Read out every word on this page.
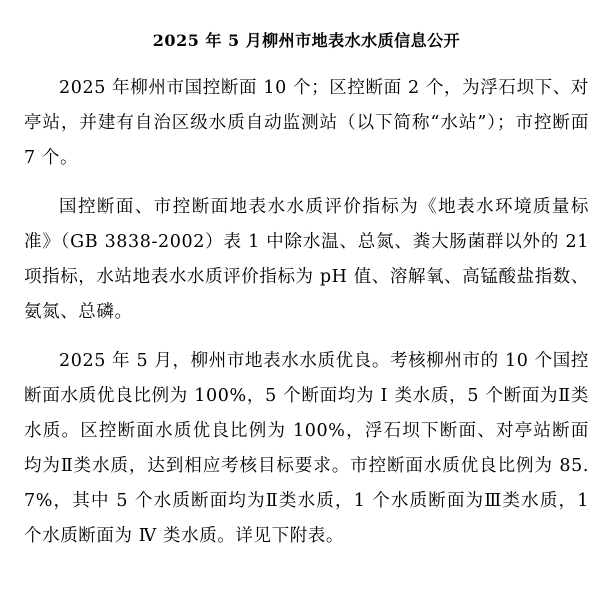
2025 年 5 月柳州市地表水水质信息公开

2025 年柳州市国控断面 10 个；区控断面 2 个，为浮石坝下、对亭站，并建有自治区级水质自动监测站（以下简称“水站”）；市控断面 7 个。

国控断面、市控断面地表水水质评价指标为《地表水环境质量标准》（GB 3838-2002）表 1 中除水温、总氮、粪大肠菌群以外的 21 项指标，水站地表水水质评价指标为 pH 值、溶解氧、高锰酸盐指数、氨氮、总磷。

2025 年 5 月，柳州市地表水水质优良。考核柳州市的 10 个国控断面水质优良比例为 100%，5 个断面均为 Ⅰ 类水质，5 个断面为Ⅱ类水质。区控断面水质优良比例为 100%，浮石坝下断面、对亭站断面均为Ⅱ类水质，达到相应考核目标要求。市控断面水质优良比例为 85.7%，其中 5 个水质断面均为Ⅱ类水质，1 个水质断面为Ⅲ类水质，1 个水质断面为 Ⅳ 类水质。详见下附表。
